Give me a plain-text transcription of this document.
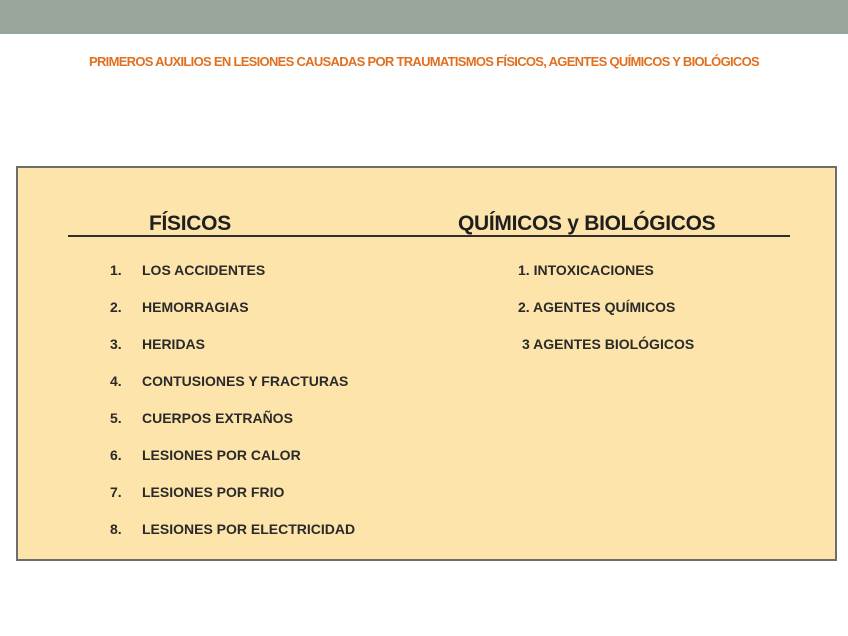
PRIMEROS AUXILIOS EN LESIONES CAUSADAS POR TRAUMATISMOS FÍSICOS, AGENTES QUÍMICOS Y BIOLÓGICOS
FÍSICOS	QUÍMICOS y BIOLÓGICOS
1. LOS ACCIDENTES
2. HEMORRAGIAS
3. HERIDAS
4. CONTUSIONES Y FRACTURAS
5. CUERPOS EXTRAÑOS
6. LESIONES POR CALOR
7. LESIONES POR FRIO
8. LESIONES POR ELECTRICIDAD
1. INTOXICACIONES
2. AGENTES QUÍMICOS
3 AGENTES BIOLÓGICOS
